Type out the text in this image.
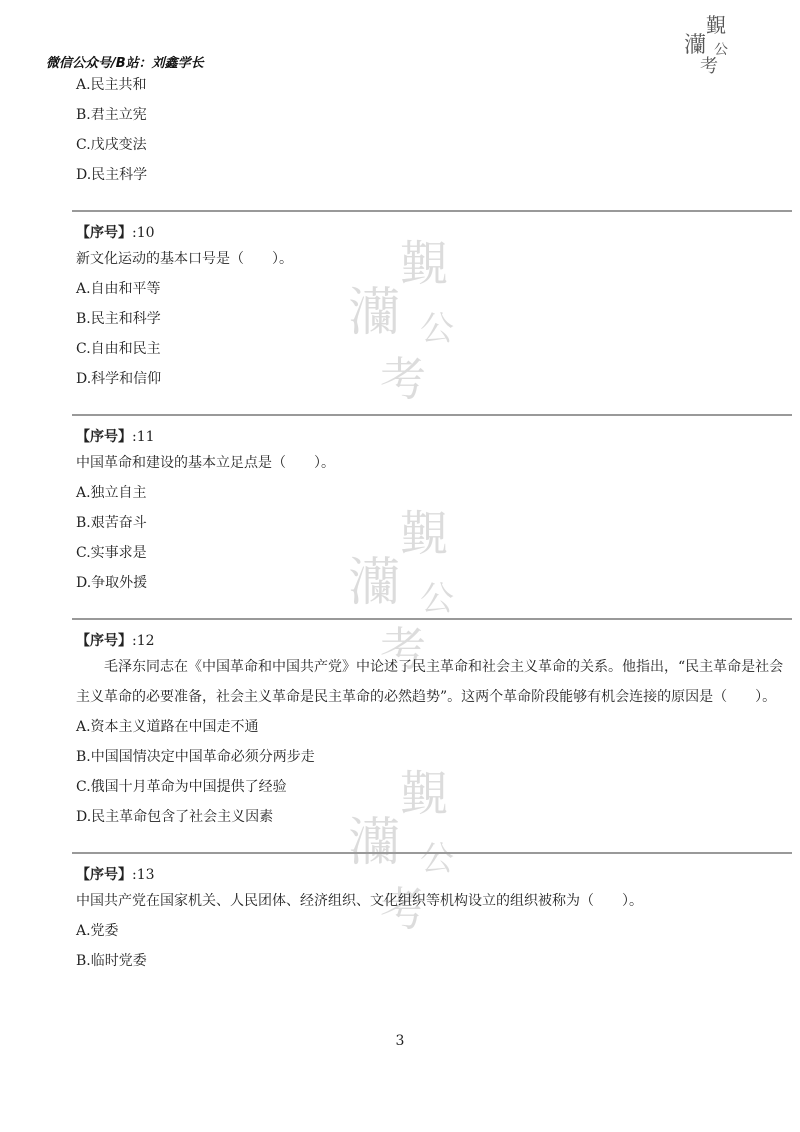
微信公众号/B站：刘鑫学长
覲
灡 公
考
覲
灡 公
考
覲
灡 公
考
覲
灡 公
考
A.民主共和
B.君主立宪
C.戊戌变法
D.民主科学
【序号】:10
新文化运动的基本口号是（　　）。
A.自由和平等
B.民主和科学
C.自由和民主
D.科学和信仰
【序号】:11
中国革命和建设的基本立足点是（　　）。
A.独立自主
B.艰苦奋斗
C.实事求是
D.争取外援
【序号】:12
毛泽东同志在《中国革命和中国共产党》中论述了民主革命和社会主义革命的关系。他指出，“民主革命是社会主义革命的必要准备，社会主义革命是民主革命的必然趋势”。这两个革命阶段能够有机会连接的原因是（　　）。
A.资本主义道路在中国走不通
B.中国国情决定中国革命必须分两步走
C.俄国十月革命为中国提供了经验
D.民主革命包含了社会主义因素
【序号】:13
中国共产党在国家机关、人民团体、经济组织、文化组织等机构设立的组织被称为（　　）。
A.党委
B.临时党委
3
